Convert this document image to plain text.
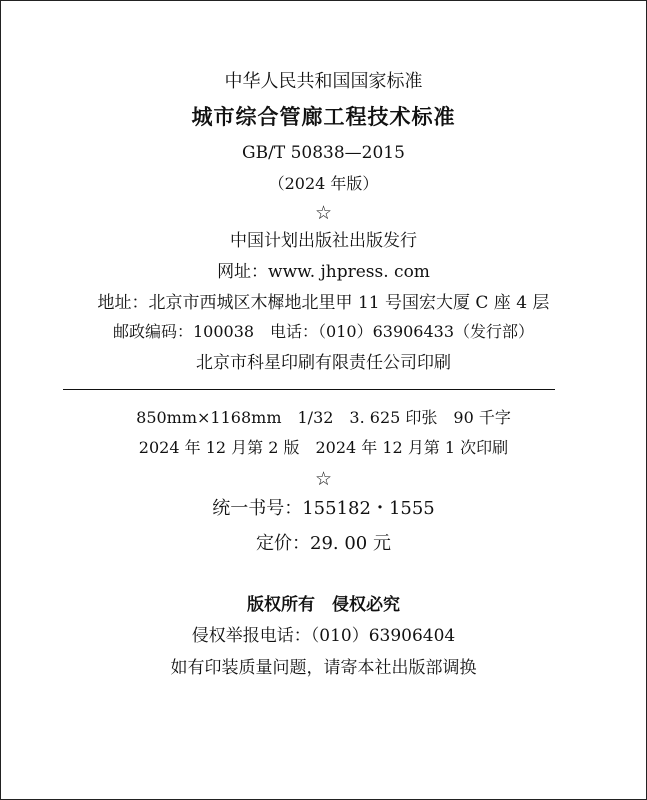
中华人民共和国国家标准
城市综合管廊工程技术标准
GB/T 50838—2015
（2024 年版）
☆
中国计划出版社出版发行
网址：www. jhpress. com
地址：北京市西城区木樨地北里甲 11 号国宏大厦 C 座 4 层
邮政编码：100038　电话：（010）63906433（发行部）
北京市科星印刷有限责任公司印刷
850mm×1168mm　1/32　3. 625 印张　90 千字
2024 年 12 月第 2 版　2024 年 12 月第 1 次印刷
☆
统一书号：155182・1555
定价：29. 00 元
版权所有　侵权必究
侵权举报电话：（010）63906404
如有印装质量问题，请寄本社出版部调换
